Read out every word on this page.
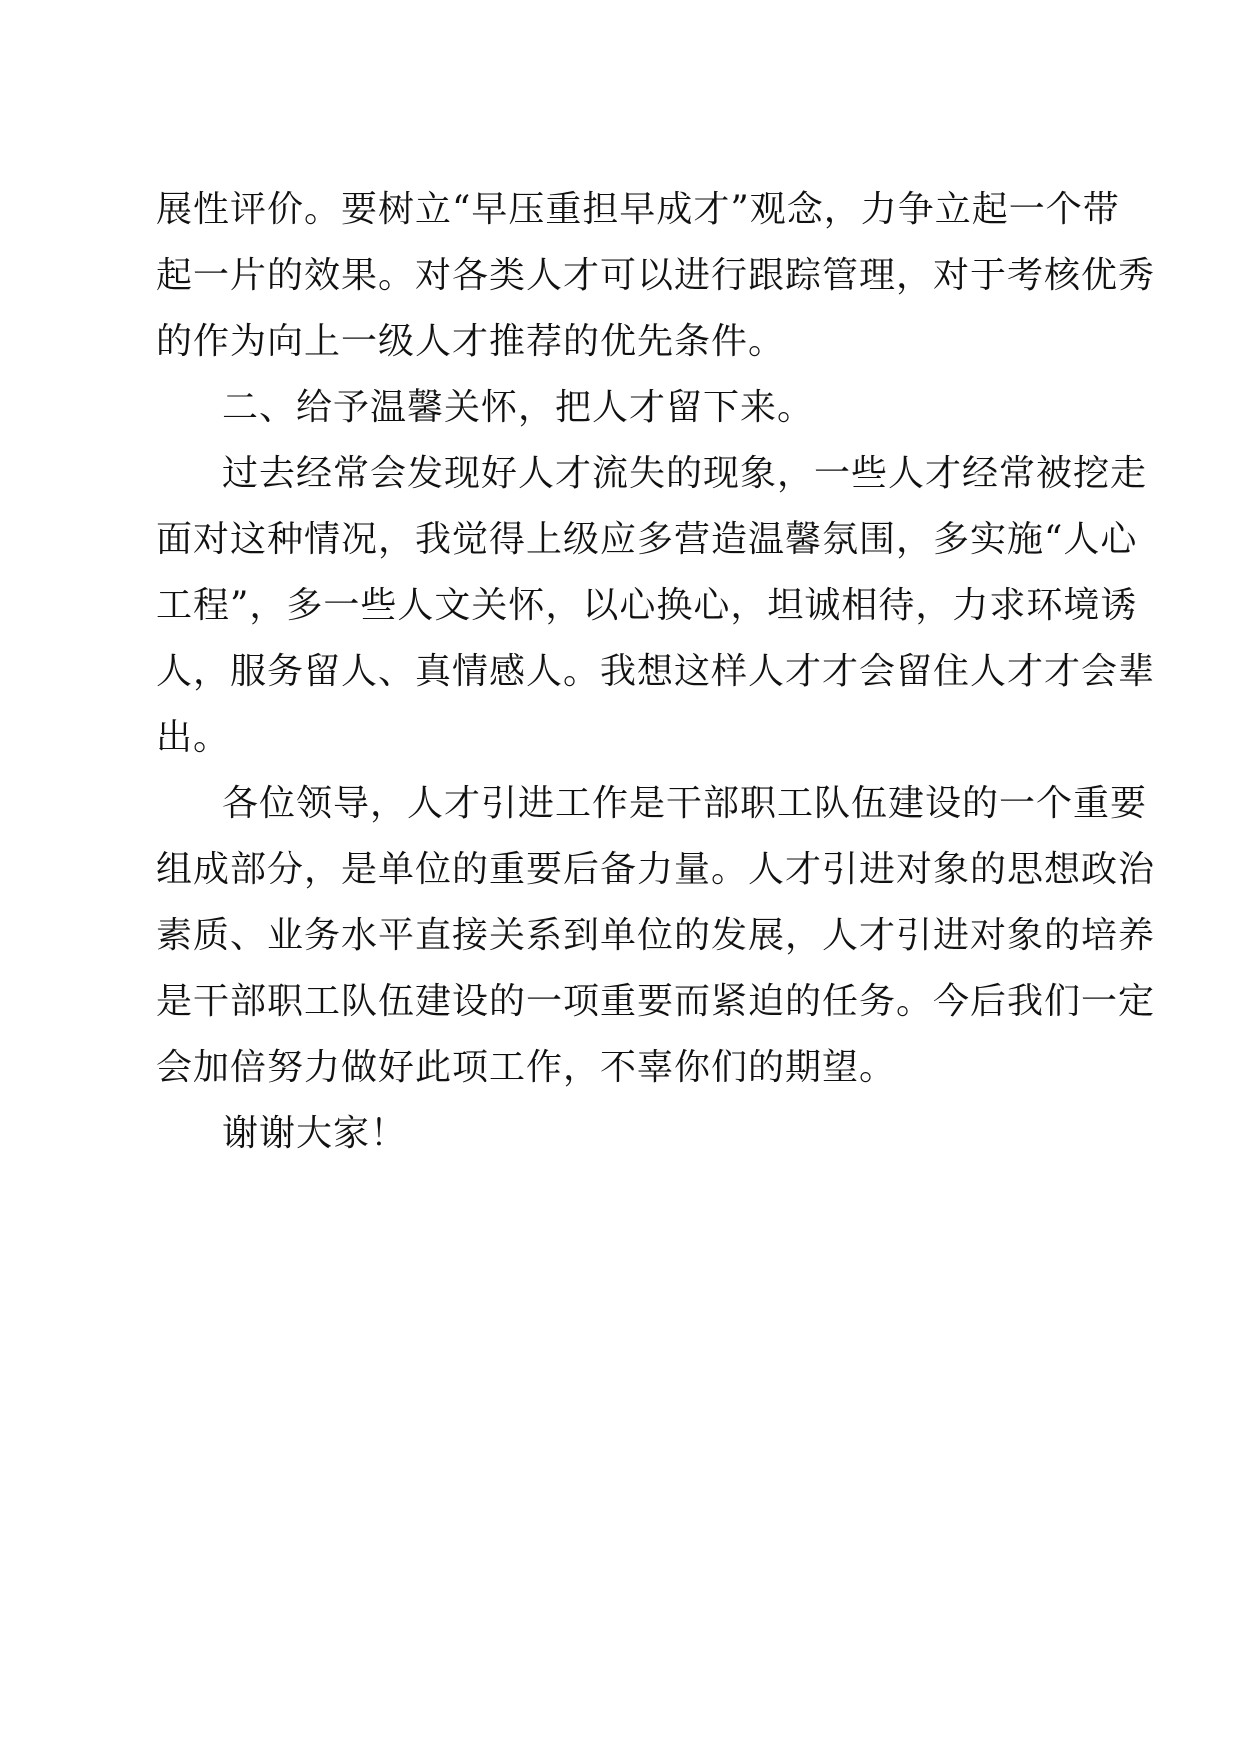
展性评价。要树立“早压重担早成才”观念，力争立起一个带
起一片的效果。对各类人才可以进行跟踪管理，对于考核优秀
的作为向上一级人才推荐的优先条件。
二、给予温馨关怀，把人才留下来。
过去经常会发现好人才流失的现象，一些人才经常被挖走
面对这种情况，我觉得上级应多营造温馨氛围，多实施“人心
工程”，多一些人文关怀，以心换心，坦诚相待，力求环境诱
人，服务留人、真情感人。我想这样人才才会留住人才才会辈
出。
各位领导，人才引进工作是干部职工队伍建设的一个重要
组成部分，是单位的重要后备力量。人才引进对象的思想政治
素质、业务水平直接关系到单位的发展，人才引进对象的培养
是干部职工队伍建设的一项重要而紧迫的任务。今后我们一定
会加倍努力做好此项工作，不辜你们的期望。
谢谢大家！
